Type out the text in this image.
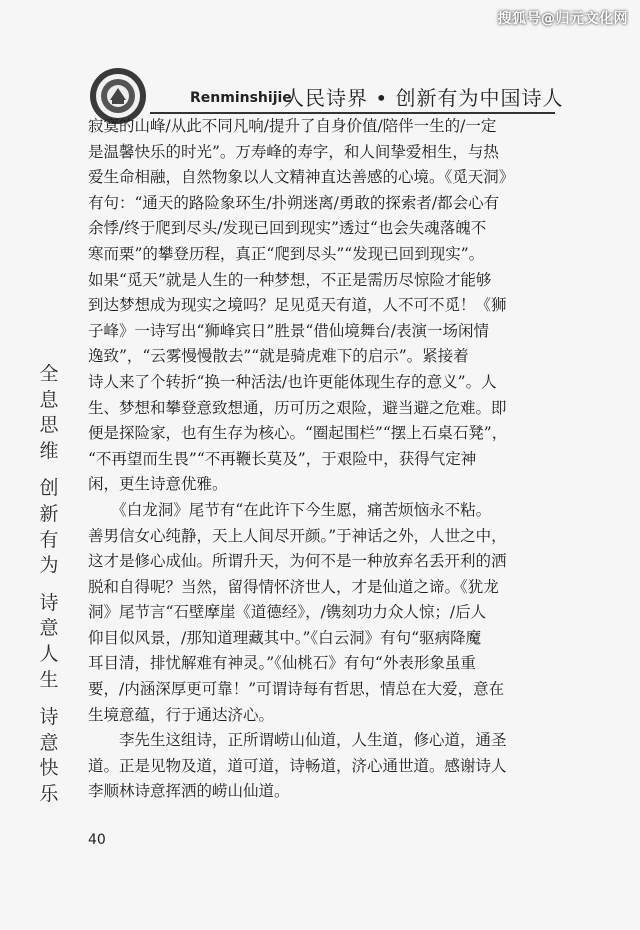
搜狐号@归元文化网
Renminshijie
人民诗界 • 创新有为中国诗人
全息思维
创新有为
诗意人生
诗意快乐
寂寞的山峰/从此不同凡响/提升了自身价值/陪伴一生的/一定
是温馨快乐的时光”。万寿峰的寿字，和人间挚爱相生，与热
爱生命相融，自然物象以人文精神直达善感的心境。《觅天洞》
有句：“通天的路险象环生/扑朔迷离/勇敢的探索者/都会心有
余悸/终于爬到尽头/发现已回到现实”透过“也会失魂落魄不
寒而栗”的攀登历程，真正“爬到尽头”“发现已回到现实”。
如果“觅天”就是人生的一种梦想，不正是需历尽惊险才能够
到达梦想成为现实之境吗？足见觅天有道，人不可不觅！《狮
子峰》一诗写出“狮峰宾日”胜景“借仙境舞台/表演一场闲情
逸致”，“云雾慢慢散去”“就是骑虎难下的启示”。紧接着
诗人来了个转折“换一种活法/也许更能体现生存的意义”。人
生、梦想和攀登意致想通，历可历之艰险，避当避之危难。即
便是探险家，也有生存为核心。“圈起围栏”“摆上石桌石凳”，
“不再望而生畏”“不再鞭长莫及”，于艰险中，获得气定神
闲，更生诗意优雅。
　　《白龙洞》尾节有“在此许下今生愿，痛苦烦恼永不粘。
善男信女心纯静，天上人间尽开颜。”于神话之外，人世之中，
这才是修心成仙。所谓升天，为何不是一种放弃名丢开利的洒
脱和自得呢？当然，留得情怀济世人，才是仙道之谛。《犹龙
洞》尾节言“石壁摩崖《道德经》，/镌刻功力众人惊；/后人
仰目似风景，/那知道理藏其中。”《白云洞》有句“驱病降魔
耳目清，排忧解难有神灵。”《仙桃石》有句“外表形象虽重
要，/内涵深厚更可靠！”可谓诗每有哲思，情总在大爱，意在
生境意蕴，行于通达济心。
　　李先生这组诗，正所谓崂山仙道，人生道，修心道，通圣
道。正是见物及道，道可道，诗畅道，济心通世道。感谢诗人
李顺林诗意挥洒的崂山仙道。
40
